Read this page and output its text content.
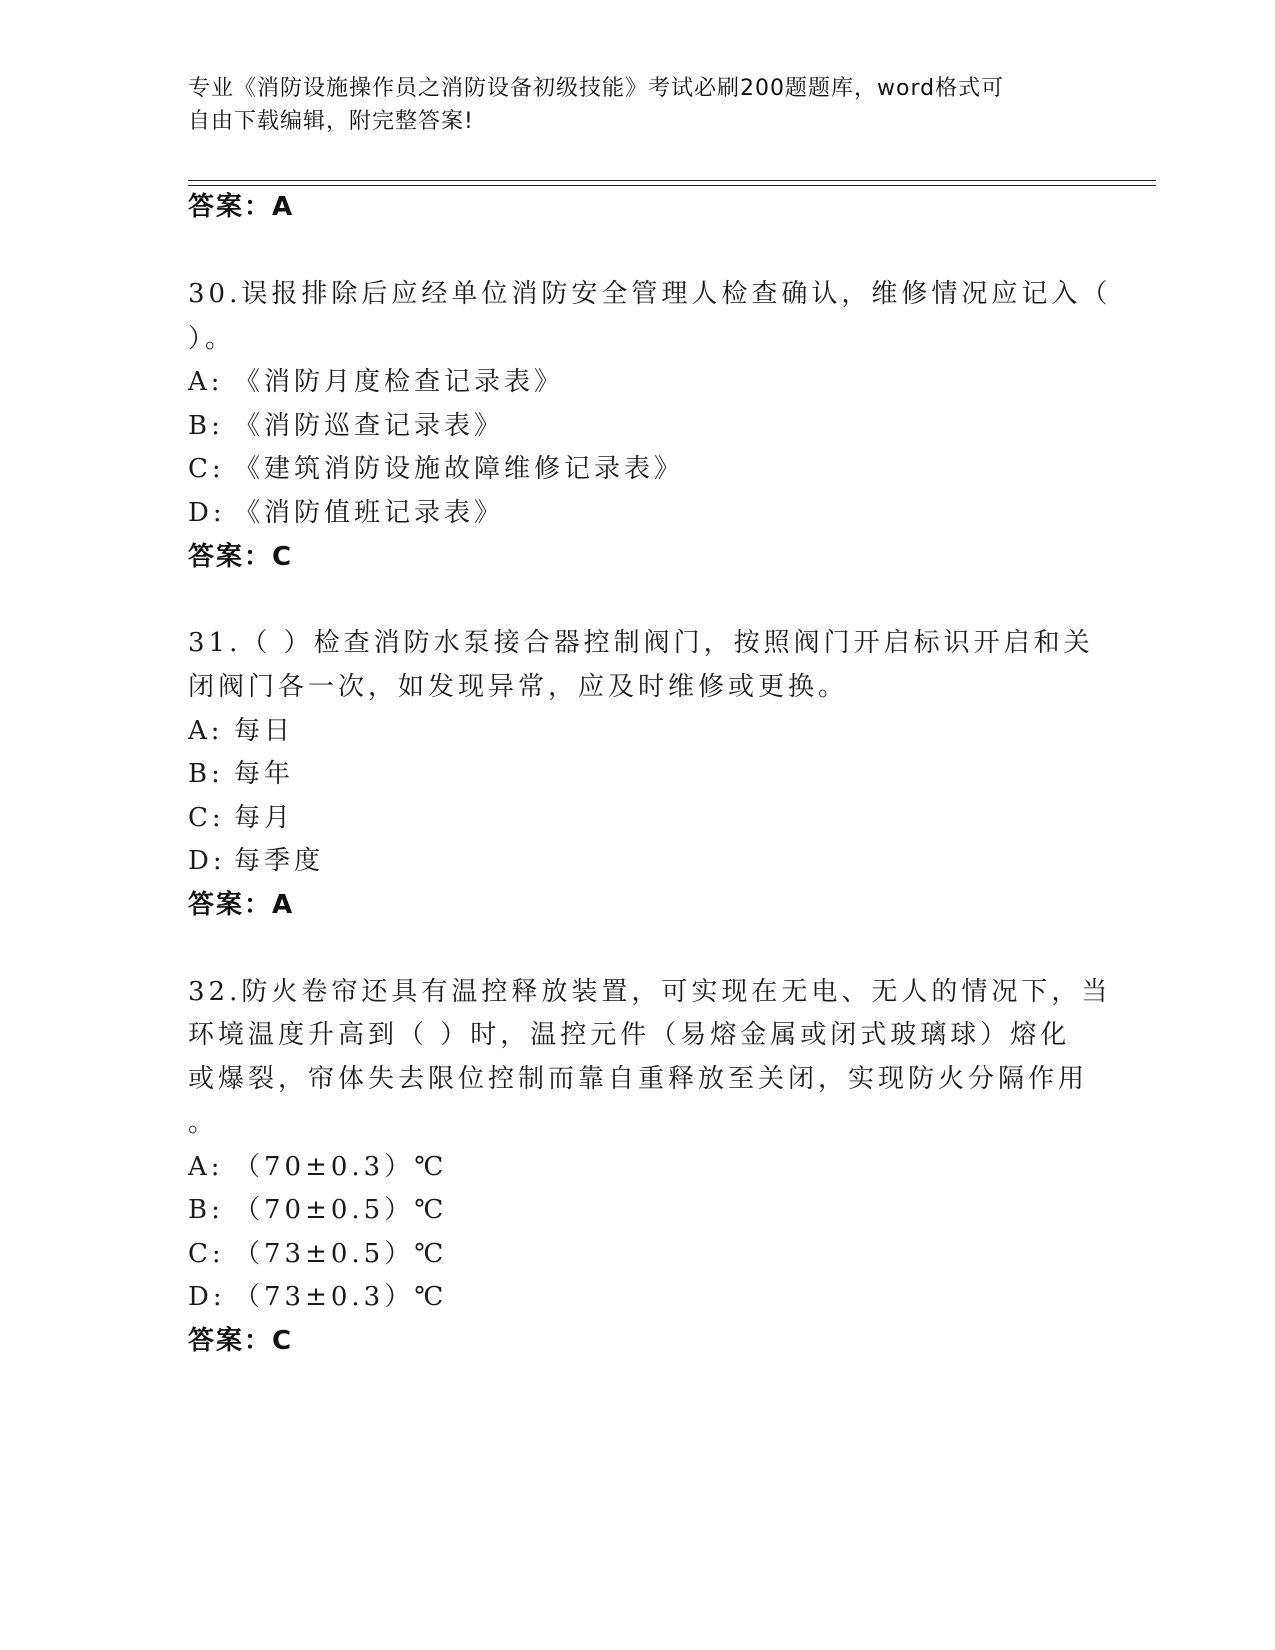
专业《消防设施操作员之消防设备初级技能》考试必刷200题题库，word格式可
自由下载编辑，附完整答案!
答案：A
30.误报排除后应经单位消防安全管理人检查确认，维修情况应记入（
）。
A: 《消防月度检查记录表》
B: 《消防巡查记录表》
C: 《建筑消防设施故障维修记录表》
D: 《消防值班记录表》
答案：C
31.（ ）检查消防水泵接合器控制阀门，按照阀门开启标识开启和关
闭阀门各一次，如发现异常，应及时维修或更换。
A: 每日
B: 每年
C: 每月
D: 每季度
答案：A
32.防火卷帘还具有温控释放装置，可实现在无电、无人的情况下，当
环境温度升高到（ ）时，温控元件（易熔金属或闭式玻璃球）熔化
或爆裂，帘体失去限位控制而靠自重释放至关闭，实现防火分隔作用
。
A: （70±0.3）℃
B: （70±0.5）℃
C: （73±0.5）℃
D: （73±0.3）℃
答案：C
